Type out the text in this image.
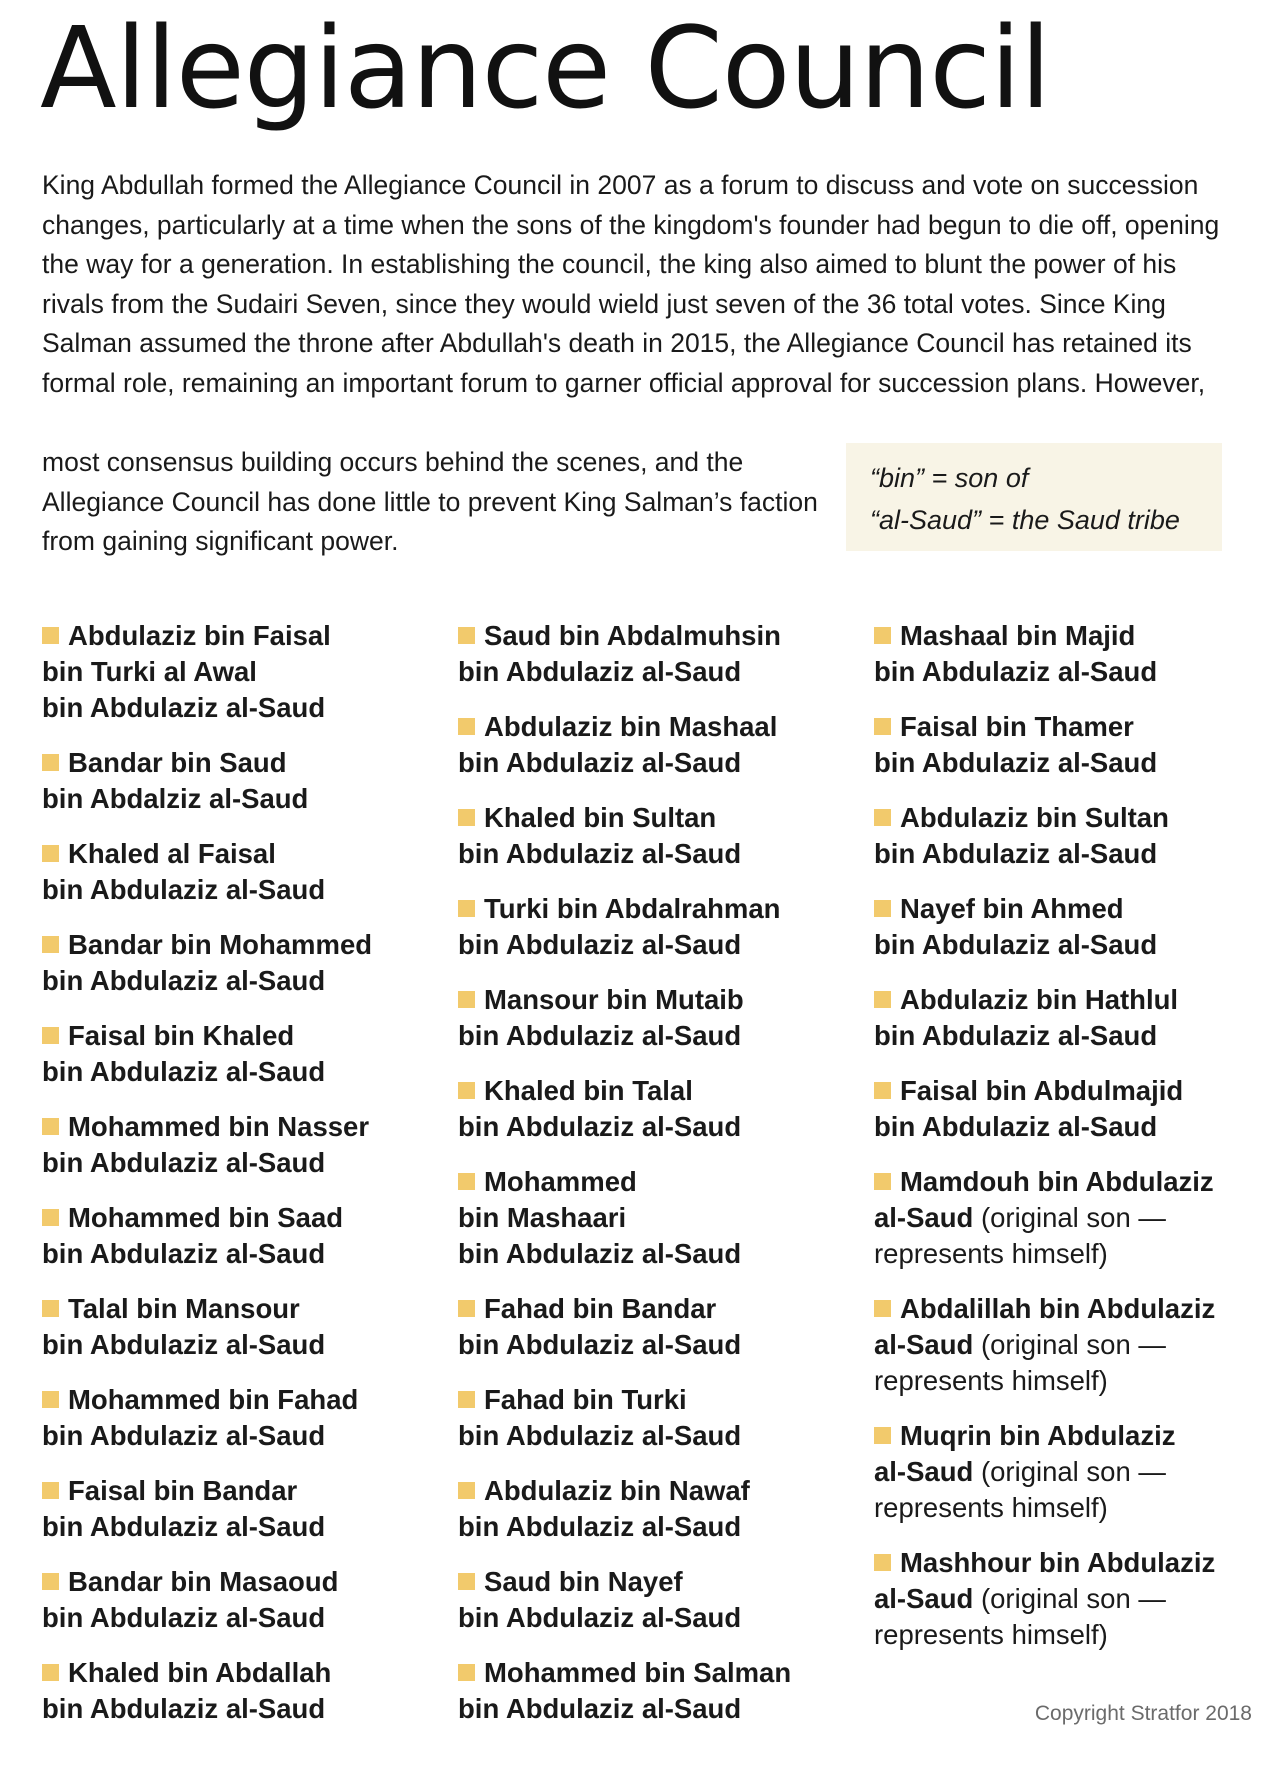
Allegiance Council

King Abdullah formed the Allegiance Council in 2007 as a forum to discuss and vote on succession changes, particularly at a time when the sons of the kingdom's founder had begun to die off, opening the way for a generation. In establishing the council, the king also aimed to blunt the power of his rivals from the Sudairi Seven, since they would wield just seven of the 36 total votes. Since King Salman assumed the throne after Abdullah's death in 2015, the Allegiance Council has retained its formal role, remaining an important forum to garner official approval for succession plans. However,

most consensus building occurs behind the scenes, and the Allegiance Council has done little to prevent King Salman’s faction from gaining significant power.

“bin” = son of
“al-Saud” = the Saud tribe
Abdulaziz bin Faisal
bin Turki al Awal
bin Abdulaziz al-Saud
Bandar bin Saud
bin Abdalziz al-Saud
Khaled al Faisal
bin Abdulaziz al-Saud
Bandar bin Mohammed
bin Abdulaziz al-Saud
Faisal bin Khaled
bin Abdulaziz al-Saud
Mohammed bin Nasser
bin Abdulaziz al-Saud
Mohammed bin Saad
bin Abdulaziz al-Saud
Talal bin Mansour
bin Abdulaziz al-Saud
Mohammed bin Fahad
bin Abdulaziz al-Saud
Faisal bin Bandar
bin Abdulaziz al-Saud
Bandar bin Masaoud
bin Abdulaziz al-Saud
Khaled bin Abdallah
bin Abdulaziz al-Saud
Saud bin Abdalmuhsin
bin Abdulaziz al-Saud
Abdulaziz bin Mashaal
bin Abdulaziz al-Saud
Khaled bin Sultan
bin Abdulaziz al-Saud
Turki bin Abdalrahman
bin Abdulaziz al-Saud
Mansour bin Mutaib
bin Abdulaziz al-Saud
Khaled bin Talal
bin Abdulaziz al-Saud
Mohammed
bin Mashaari
bin Abdulaziz al-Saud
Fahad bin Bandar
bin Abdulaziz al-Saud
Fahad bin Turki
bin Abdulaziz al-Saud
Abdulaziz bin Nawaf
bin Abdulaziz al-Saud
Saud bin Nayef
bin Abdulaziz al-Saud
Mohammed bin Salman
bin Abdulaziz al-Saud
Mashaal bin Majid
bin Abdulaziz al-Saud
Faisal bin Thamer
bin Abdulaziz al-Saud
Abdulaziz bin Sultan
bin Abdulaziz al-Saud
Nayef bin Ahmed
bin Abdulaziz al-Saud
Abdulaziz bin Hathlul
bin Abdulaziz al-Saud
Faisal bin Abdulmajid
bin Abdulaziz al-Saud
Mamdouh bin Abdulaziz
al-Saud (original son —
represents himself)
Abdalillah bin Abdulaziz
al-Saud (original son —
represents himself)
Muqrin bin Abdulaziz
al-Saud (original son —
represents himself)
Mashhour bin Abdulaziz
al-Saud (original son —
represents himself)

Copyright Stratfor 2018
